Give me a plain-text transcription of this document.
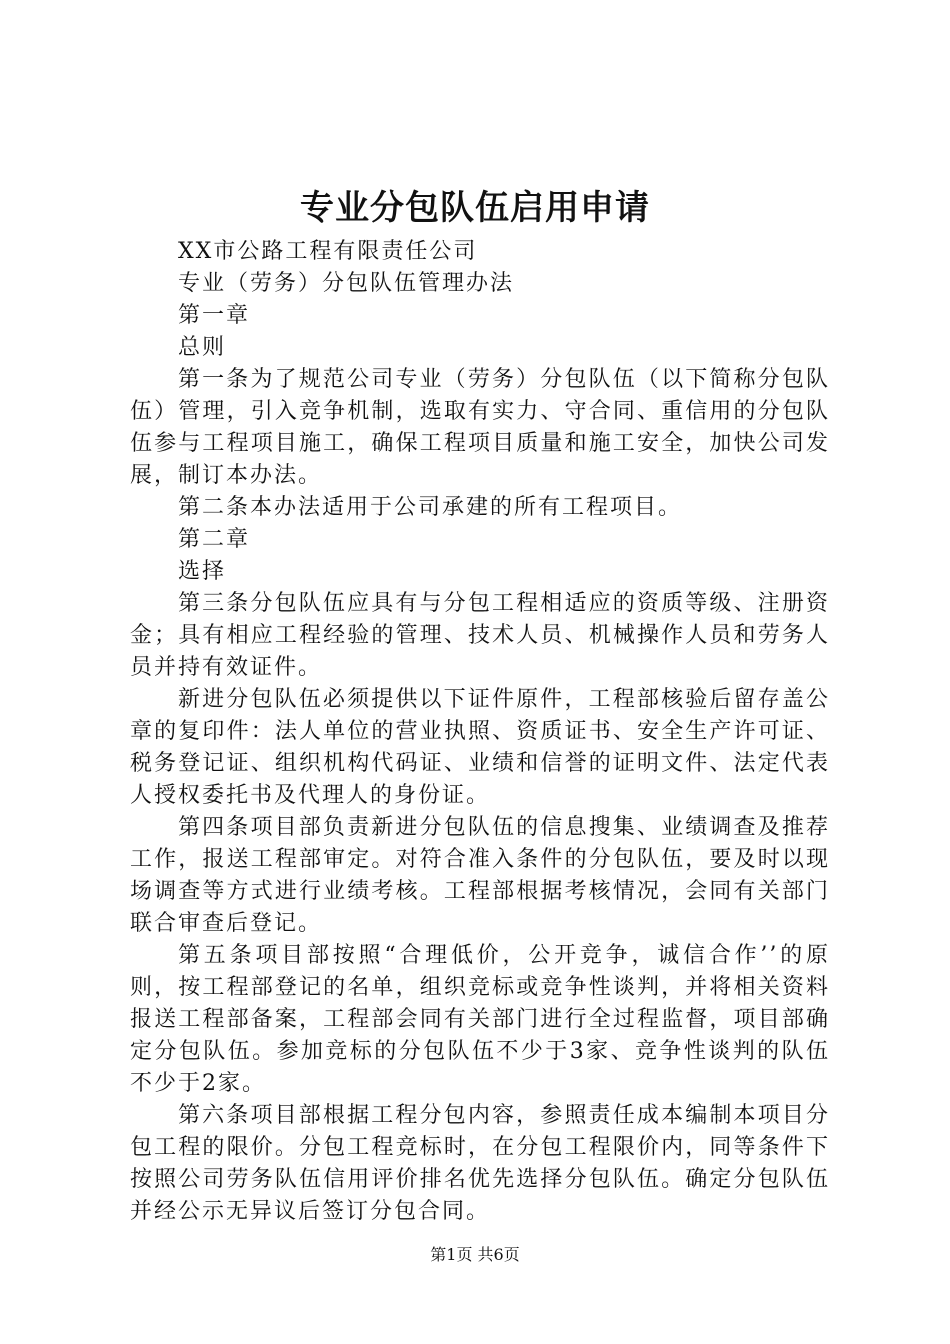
专业分包队伍启用申请
XX市公路工程有限责任公司
专业（劳务）分包队伍管理办法
第一章
总则
第一条为了规范公司专业（劳务）分包队伍（以下简称分包队伍）管理，引入竞争机制，选取有实力、守合同、重信用的分包队伍参与工程项目施工，确保工程项目质量和施工安全，加快公司发展，制订本办法。
第二条本办法适用于公司承建的所有工程项目。
第二章
选择
第三条分包队伍应具有与分包工程相适应的资质等级、注册资金；具有相应工程经验的管理、技术人员、机械操作人员和劳务人员并持有效证件。
新进分包队伍必须提供以下证件原件，工程部核验后留存盖公章的复印件：法人单位的营业执照、资质证书、安全生产许可证、税务登记证、组织机构代码证、业绩和信誉的证明文件、法定代表人授权委托书及代理人的身份证。
第四条项目部负责新进分包队伍的信息搜集、业绩调查及推荐工作，报送工程部审定。对符合准入条件的分包队伍，要及时以现场调查等方式进行业绩考核。工程部根据考核情况，会同有关部门联合审查后登记。
第五条项目部按照“合理低价，公开竞争，诚信合作’’的原则，按工程部登记的名单，组织竞标或竞争性谈判，并将相关资料报送工程部备案，工程部会同有关部门进行全过程监督，项目部确定分包队伍。参加竞标的分包队伍不少于3家、竞争性谈判的队伍不少于2家。
第六条项目部根据工程分包内容，参照责任成本编制本项目分包工程的限价。分包工程竞标时，在分包工程限价内，同等条件下按照公司劳务队伍信用评价排名优先选择分包队伍。确定分包队伍并经公示无异议后签订分包合同。
第1页 共6页
